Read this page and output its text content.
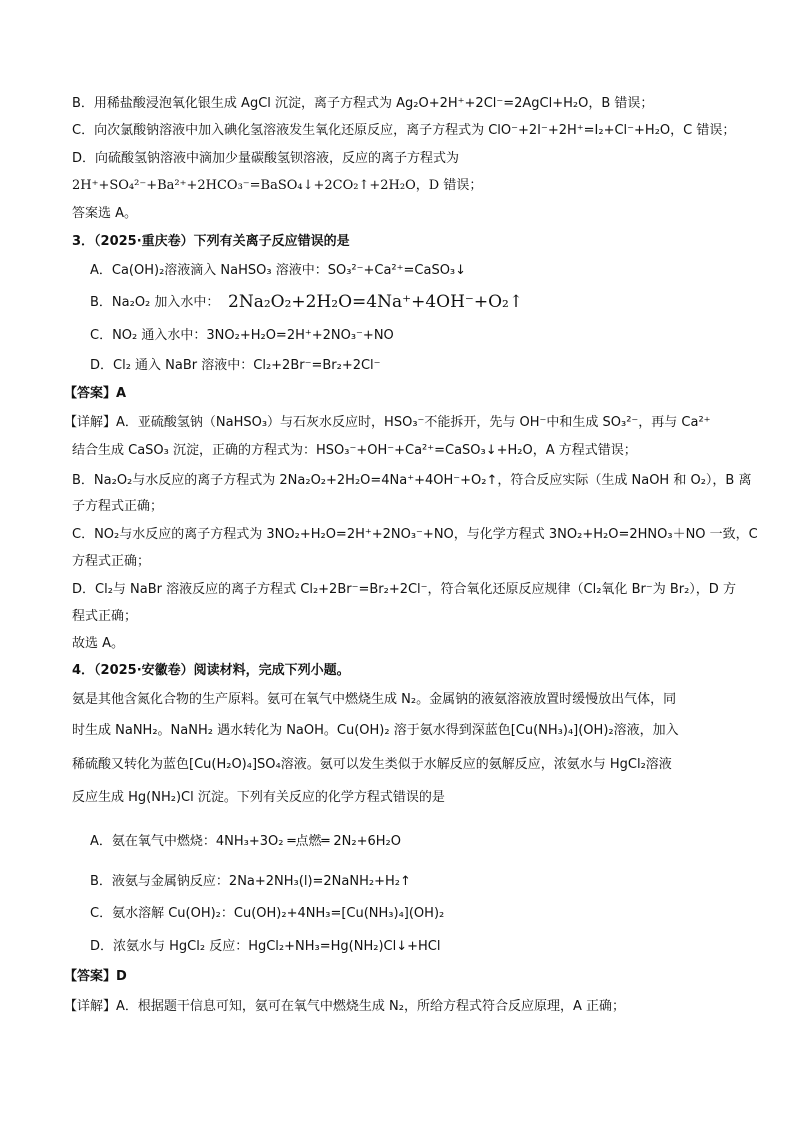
B．用稀盐酸浸泡氧化银生成 AgCl 沉淀，离子方程式为 Ag₂O+2H⁺+2Cl⁻=2AgCl+H₂O，B 错误；
C．向次氯酸钠溶液中加入碘化氢溶液发生氧化还原反应，离子方程式为 ClO⁻+2I⁻+2H⁺=I₂+Cl⁻+H₂O，C 错误；
D．向硫酸氢钠溶液中滴加少量碳酸氢钡溶液，反应的离子方程式为
2H⁺+SO₄²⁻+Ba²⁺+2HCO₃⁻=BaSO₄↓+2CO₂↑+2H₂O，D 错误；
答案选 A。
3．（2025·重庆卷）下列有关离子反应错误的是
A．Ca(OH)₂溶液滴入 NaHSO₃ 溶液中：SO₃²⁻+Ca²⁺=CaSO₃↓
B．Na₂O₂ 加入水中： 2Na₂O₂+2H₂O=4Na⁺+4OH⁻+O₂↑
C．NO₂ 通入水中：3NO₂+H₂O=2H⁺+2NO₃⁻+NO
D．Cl₂ 通入 NaBr 溶液中：Cl₂+2Br⁻=Br₂+2Cl⁻
【答案】A
【详解】A．亚硫酸氢钠（NaHSO₃）与石灰水反应时，HSO₃⁻不能拆开，先与 OH⁻中和生成 SO₃²⁻，再与 Ca²⁺
结合生成 CaSO₃ 沉淀，正确的方程式为：HSO₃⁻+OH⁻+Ca²⁺=CaSO₃↓+H₂O，A 方程式错误；
B．Na₂O₂与水反应的离子方程式为 2Na₂O₂+2H₂O=4Na⁺+4OH⁻+O₂↑，符合反应实际（生成 NaOH 和 O₂），B 离
子方程式正确；
C．NO₂与水反应的离子方程式为 3NO₂+H₂O=2H⁺+2NO₃⁻+NO，与化学方程式 3NO₂+H₂O=2HNO₃＋NO 一致，C
方程式正确；
D．Cl₂与 NaBr 溶液反应的离子方程式 Cl₂+2Br⁻=Br₂+2Cl⁻，符合氧化还原反应规律（Cl₂氧化 Br⁻为 Br₂），D 方
程式正确；
故选 A。
4．（2025·安徽卷）阅读材料，完成下列小题。
氨是其他含氮化合物的生产原料。氨可在氧气中燃烧生成 N₂。金属钠的液氨溶液放置时缓慢放出气体，同
时生成 NaNH₂。NaNH₂ 遇水转化为 NaOH。Cu(OH)₂ 溶于氨水得到深蓝色[Cu(NH₃)₄](OH)₂溶液，加入
稀硫酸又转化为蓝色[Cu(H₂O)₄]SO₄溶液。氨可以发生类似于水解反应的氨解反应，浓氨水与 HgCl₂溶液
反应生成 Hg(NH₂)Cl 沉淀。下列有关反应的化学方程式错误的是
A．氨在氧气中燃烧：4NH₃+3O₂ ═点燃═ 2N₂+6H₂O
B．液氨与金属钠反应：2Na+2NH₃(l)=2NaNH₂+H₂↑
C．氨水溶解 Cu(OH)₂：Cu(OH)₂+4NH₃=[Cu(NH₃)₄](OH)₂
D．浓氨水与 HgCl₂ 反应：HgCl₂+NH₃=Hg(NH₂)Cl↓+HCl
【答案】D
【详解】A．根据题干信息可知，氨可在氧气中燃烧生成 N₂，所给方程式符合反应原理，A 正确；
